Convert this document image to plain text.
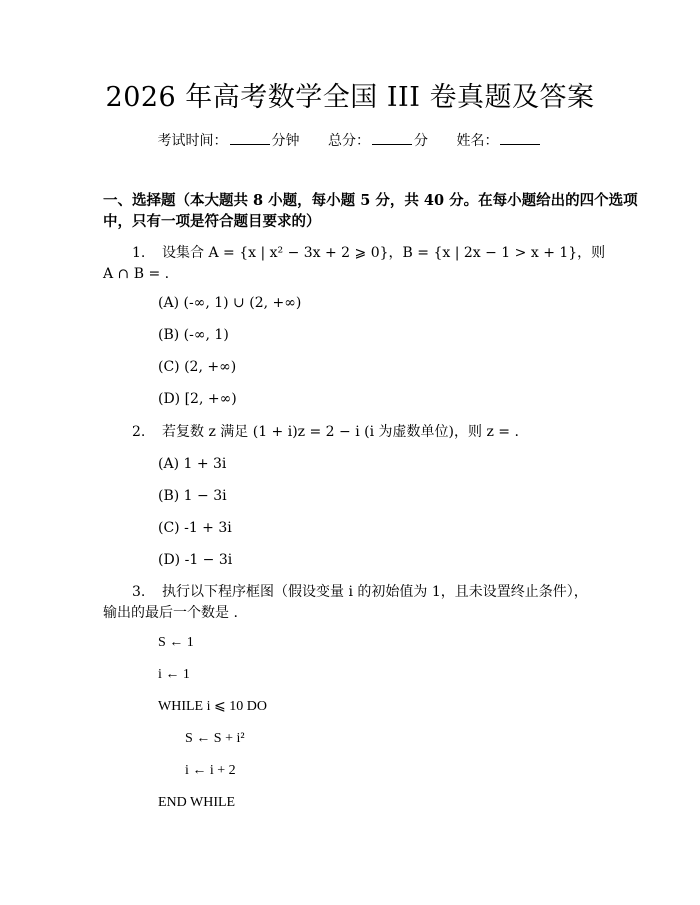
2026 年高考数学全国 III 卷真题及答案
考试时间：	分钟 总分：	分 姓名：
一、选择题（本大题共 8 小题，每小题 5 分，共 40 分。在每小题给出的四个选项
中，只有一项是符合题目要求的）
1. 设集合 A = {x | x² − 3x + 2 ⩾ 0}，B = {x | 2x − 1 > x + 1}，则
A ∩ B = .
(A) (-∞, 1) ∪ (2, +∞)
(B) (-∞, 1)
(C) (2, +∞)
(D) [2, +∞)
2. 若复数 z 满足 (1 + i)z = 2 − i (i 为虚数单位)，则 z = .
(A) 1 + 3i
(B) 1 − 3i
(C) -1 + 3i
(D) -1 − 3i
3. 执行以下程序框图（假设变量 i 的初始值为 1，且未设置终止条件），
输出的最后一个数是 .
S ← 1
i ← 1
WHILE i ⩽ 10 DO
S ← S + i²
i ← i + 2
END WHILE
